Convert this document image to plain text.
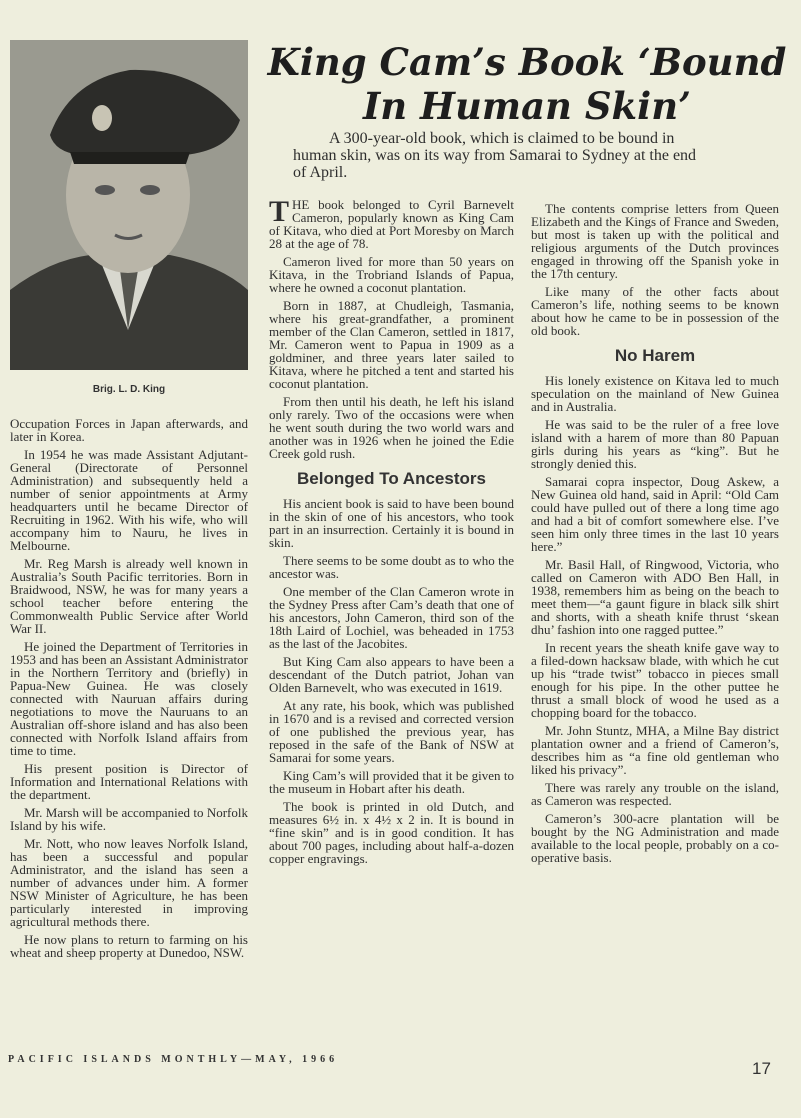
Brig. L. D. King
King Cam’s Book ‘Bound
In Human Skin’
A 300-year-old book, which is claimed to be bound in
human skin, was on its way from Samarai to Sydney at the end
of April.

Occupation Forces in Japan afterwards, and later in Korea.

In 1954 he was made Assistant Adjutant-General (Directorate of Personnel Administration) and subsequently held a number of senior appointments at Army headquarters until he became Director of Recruiting in 1962. With his wife, who will accompany him to Nauru, he lives in Melbourne.

Mr. Reg Marsh is already well known in Australia’s South Pacific territories. Born in Braidwood, NSW, he was for many years a school teacher before entering the Commonwealth Public Service after World War II.

He joined the Department of Territories in 1953 and has been an Assistant Administrator in the Northern Territory and (briefly) in Papua-New Guinea. He was closely connected with Nauruan affairs during negotiations to move the Nauruans to an Australian off-shore island and has also been connected with Norfolk Island affairs from time to time.

His present position is Director of Information and International Relations with the department.

Mr. Marsh will be accompanied to Norfolk Island by his wife.

Mr. Nott, who now leaves Norfolk Island, has been a successful and popular Administrator, and the island has seen a number of advances under him. A former NSW Minister of Agriculture, he has been particularly interested in improving agricultural methods there.

He now plans to return to farming on his wheat and sheep property at Dunedoo, NSW.

THE book belonged to Cyril Barnevelt Cameron, popularly known as King Cam of Kitava, who died at Port Moresby on March 28 at the age of 78.

Cameron lived for more than 50 years on Kitava, in the Trobriand Islands of Papua, where he owned a coconut plantation.

Born in 1887, at Chudleigh, Tasmania, where his great-grandfather, a prominent member of the Clan Cameron, settled in 1817, Mr. Cameron went to Papua in 1909 as a goldminer, and three years later sailed to Kitava, where he pitched a tent and started his coconut plantation.

From then until his death, he left his island only rarely. Two of the occasions were when he went south during the two world wars and another was in 1926 when he joined the Edie Creek gold rush.

Belonged To Ancestors

His ancient book is said to have been bound in the skin of one of his ancestors, who took part in an insurrection. Certainly it is bound in skin.

There seems to be some doubt as to who the ancestor was.

One member of the Clan Cameron wrote in the Sydney Press after Cam’s death that one of his ancestors, John Cameron, third son of the 18th Laird of Lochiel, was beheaded in 1753 as the last of the Jacobites.

But King Cam also appears to have been a descendant of the Dutch patriot, Johan van Olden Barnevelt, who was executed in 1619.

At any rate, his book, which was published in 1670 and is a revised and corrected version of one published the previous year, has reposed in the safe of the Bank of NSW at Samarai for some years.

King Cam’s will provided that it be given to the museum in Hobart after his death.

The book is printed in old Dutch, and measures 6½ in. x 4½ x 2 in. It is bound in “fine skin” and is in good condition. It has about 700 pages, including about half-a-dozen copper engravings.

The contents comprise letters from Queen Elizabeth and the Kings of France and Sweden, but most is taken up with the political and religious arguments of the Dutch provinces engaged in throwing off the Spanish yoke in the 17th century.

Like many of the other facts about Cameron’s life, nothing seems to be known about how he came to be in possession of the old book.

No Harem

His lonely existence on Kitava led to much speculation on the mainland of New Guinea and in Australia.

He was said to be the ruler of a free love island with a harem of more than 80 Papuan girls during his years as “king”. But he strongly denied this.

Samarai copra inspector, Doug Askew, a New Guinea old hand, said in April: “Old Cam could have pulled out of there a long time ago and had a bit of comfort somewhere else. I’ve seen him only three times in the last 10 years here.”

Mr. Basil Hall, of Ringwood, Victoria, who called on Cameron with ADO Ben Hall, in 1938, remembers him as being on the beach to meet them—“a gaunt figure in black silk shirt and shorts, with a sheath knife thrust ‘skean dhu’ fashion into one ragged puttee.”

In recent years the sheath knife gave way to a filed-down hacksaw blade, with which he cut up his “trade twist” tobacco in pieces small enough for his pipe. In the other puttee he thrust a small block of wood he used as a chopping board for the tobacco.

Mr. John Stuntz, MHA, a Milne Bay district plantation owner and a friend of Cameron’s, describes him as “a fine old gentleman who liked his privacy”.

There was rarely any trouble on the island, as Cameron was respected.

Cameron’s 300-acre plantation will be bought by the NG Administration and made available to the local people, probably on a co-operative basis.

PACIFIC ISLANDS MONTHLY—MAY, 1966	17
